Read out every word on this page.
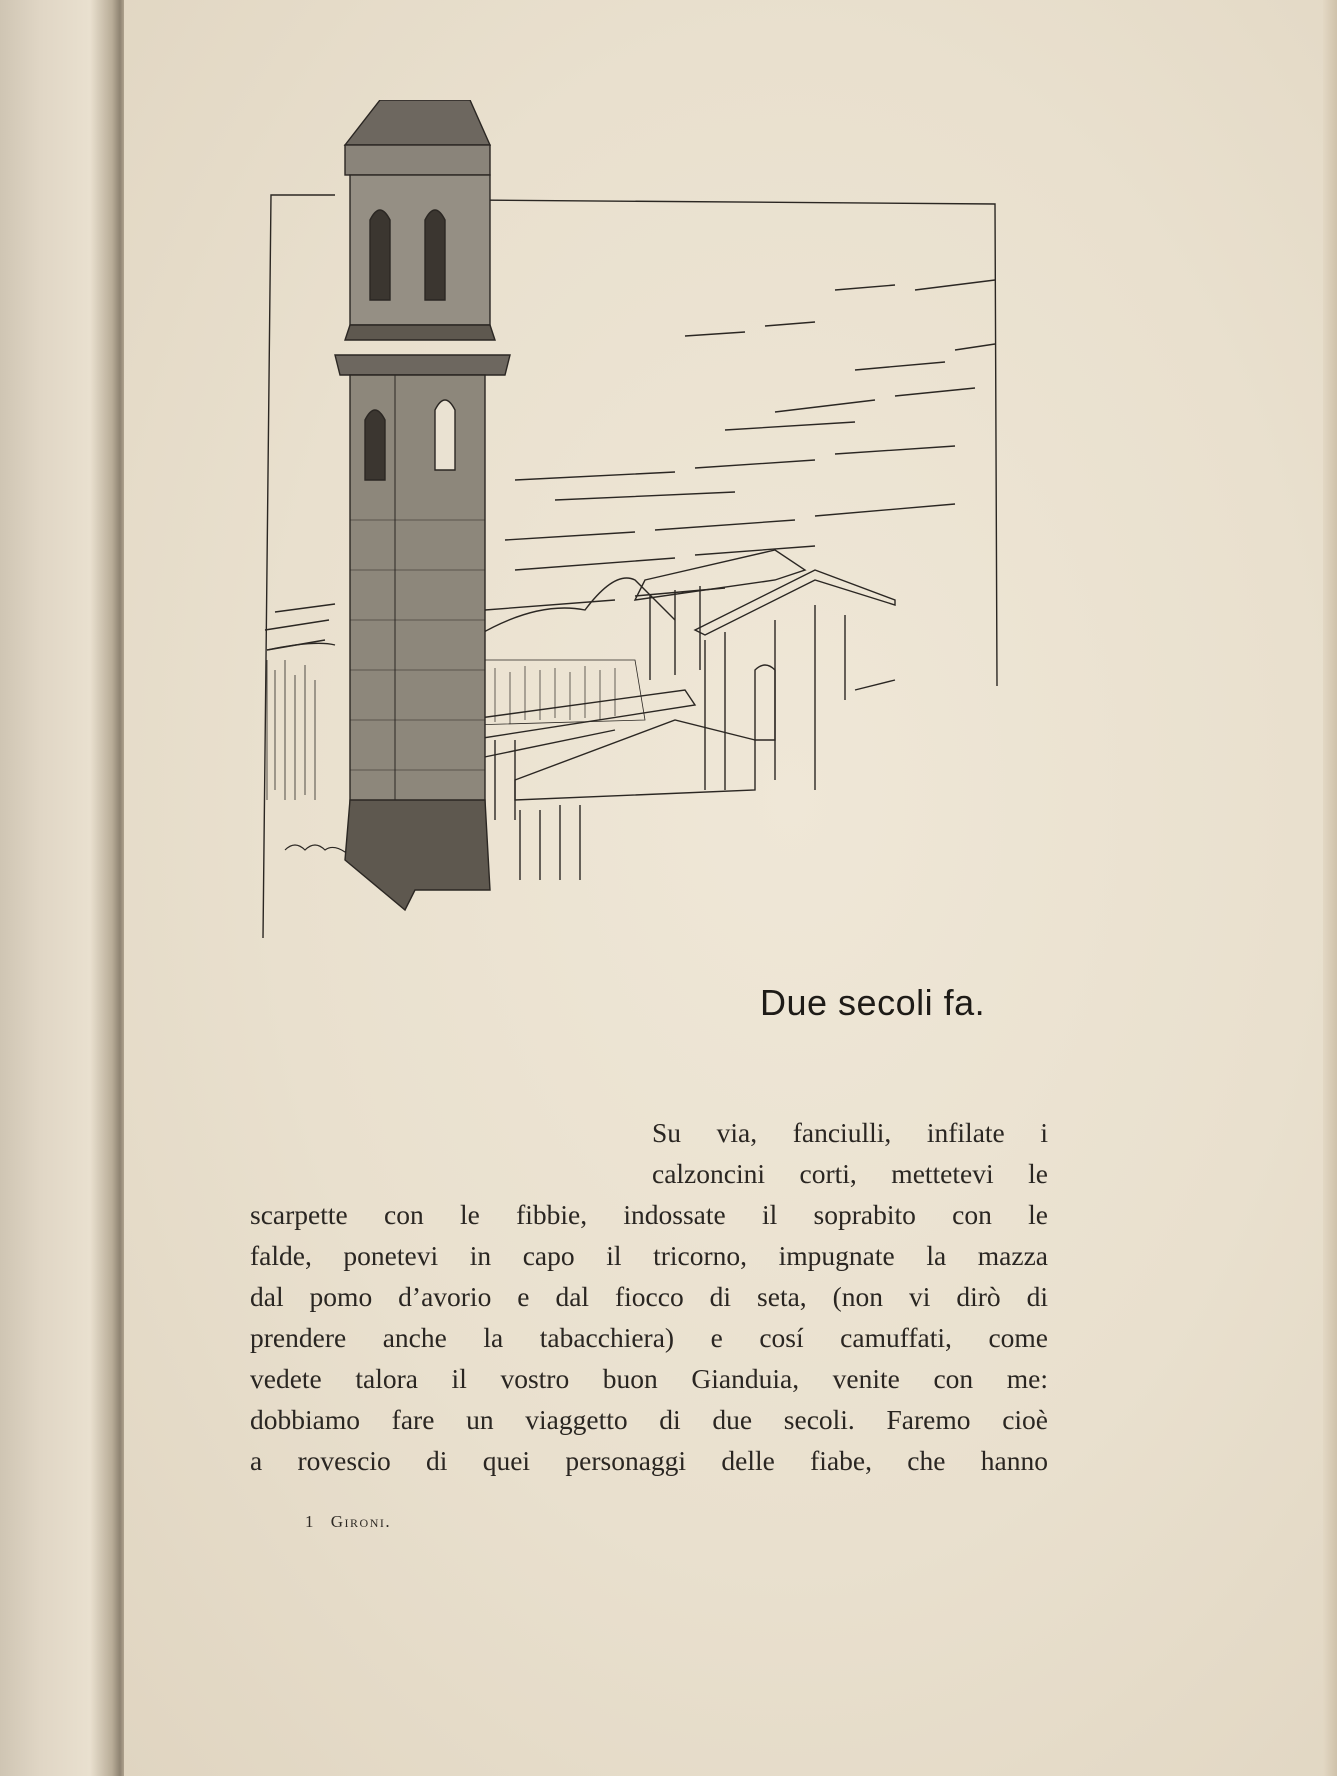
Due secoli fa.
Su via, fanciulli, infilate i
calzoncini corti, mettetevi le
scarpette con le fibbie, indossate il soprabito con le
falde, ponetevi in capo il tricorno, impugnate la mazza
dal pomo d’avorio e dal fiocco di seta, (non vi dirò di
prendere anche la tabacchiera) e cosí camuffati, come
vedete talora il vostro buon Gianduia, venite con me:
dobbiamo fare un viaggetto di due secoli. Faremo cioè
a rovescio di quei personaggi delle fiabe, che hanno
1 Gironi.
